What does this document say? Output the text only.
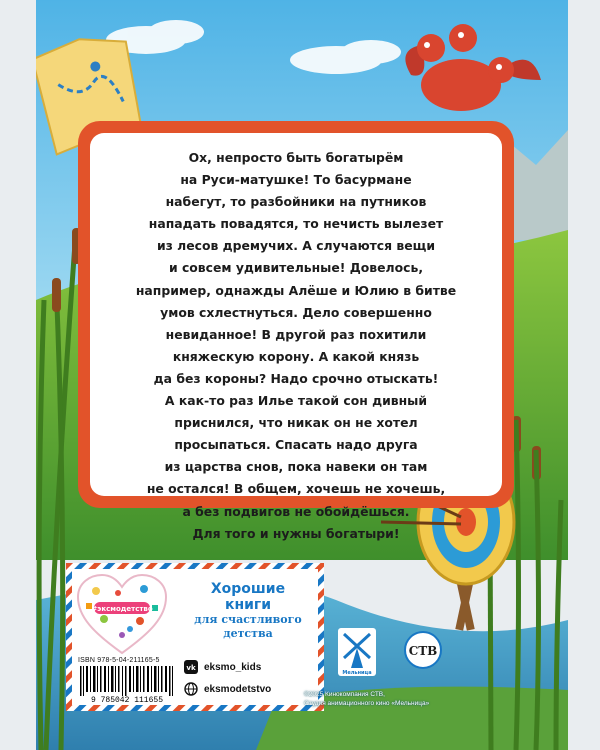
Ох, непросто быть богатырём
на Руси-матушке! То басурмане
набегут, то разбойники на путников
нападать повадятся, то нечисть вылезет
из лесов дремучих. А случаются вещи
и совсем удивительные! Довелось,
например, однажды Алёше и Юлию в битве
умов схлестнуться. Дело совершенно
невиданное! В другой раз похитили
княжескую корону. А какой князь
да без короны? Надо срочно отыскать!
А как-то раз Илье такой сон дивный
приснился, что никак он не хотел
просыпаться. Спасать надо друга
из царства снов, пока навеки он там
не остался! В общем, хочешь не хочешь,
а без подвигов не обойдёшься.
Для того и нужны богатыри!
#эксмодетство
Хорошие
книги
для счастливого
детства
ISBN 978-5-04-211165-5
9 785042 111655
vk eksmo_kids
eksmodetstvo
Мельница
СТВ
©2025 Кинокомпания СТВ,
Студия анимационного кино «Мельница»
